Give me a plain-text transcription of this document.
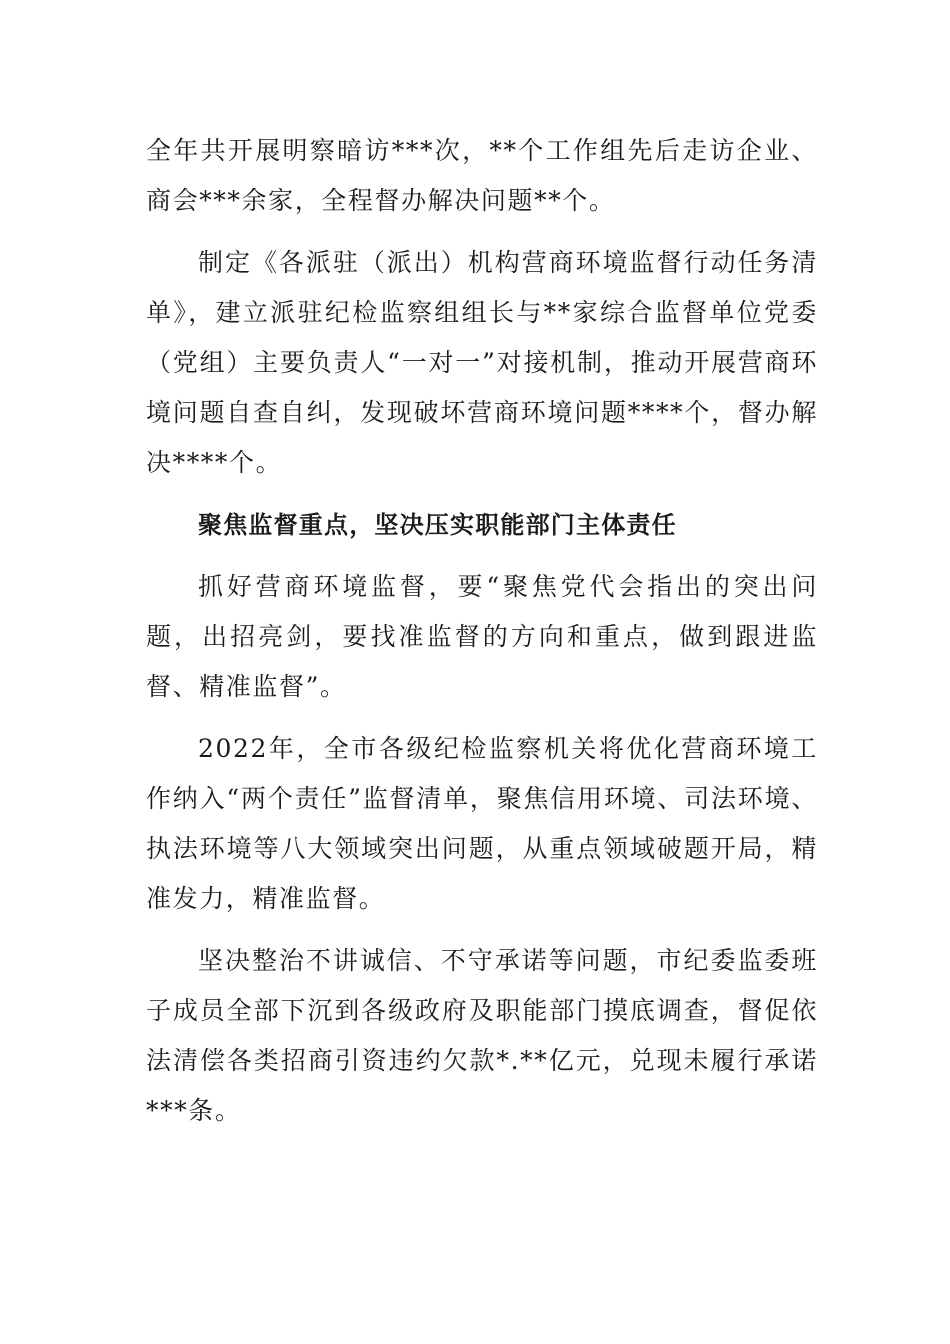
全年共开展明察暗访***次，**个工作组先后走访企业、商会***余家，全程督办解决问题**个。

制定《各派驻（派出）机构营商环境监督行动任务清单》，建立派驻纪检监察组组长与**家综合监督单位党委（党组）主要负责人“一对一”对接机制，推动开展营商环境问题自查自纠，发现破坏营商环境问题****个，督办解决****个。

聚焦监督重点，坚决压实职能部门主体责任

抓好营商环境监督，要“聚焦党代会指出的突出问题，出招亮剑，要找准监督的方向和重点，做到跟进监督、精准监督”。

2022年，全市各级纪检监察机关将优化营商环境工作纳入“两个责任”监督清单，聚焦信用环境、司法环境、执法环境等八大领域突出问题，从重点领域破题开局，精准发力，精准监督。

坚决整治不讲诚信、不守承诺等问题，市纪委监委班子成员全部下沉到各级政府及职能部门摸底调查，督促依法清偿各类招商引资违约欠款*.**亿元，兑现未履行承诺***条。
